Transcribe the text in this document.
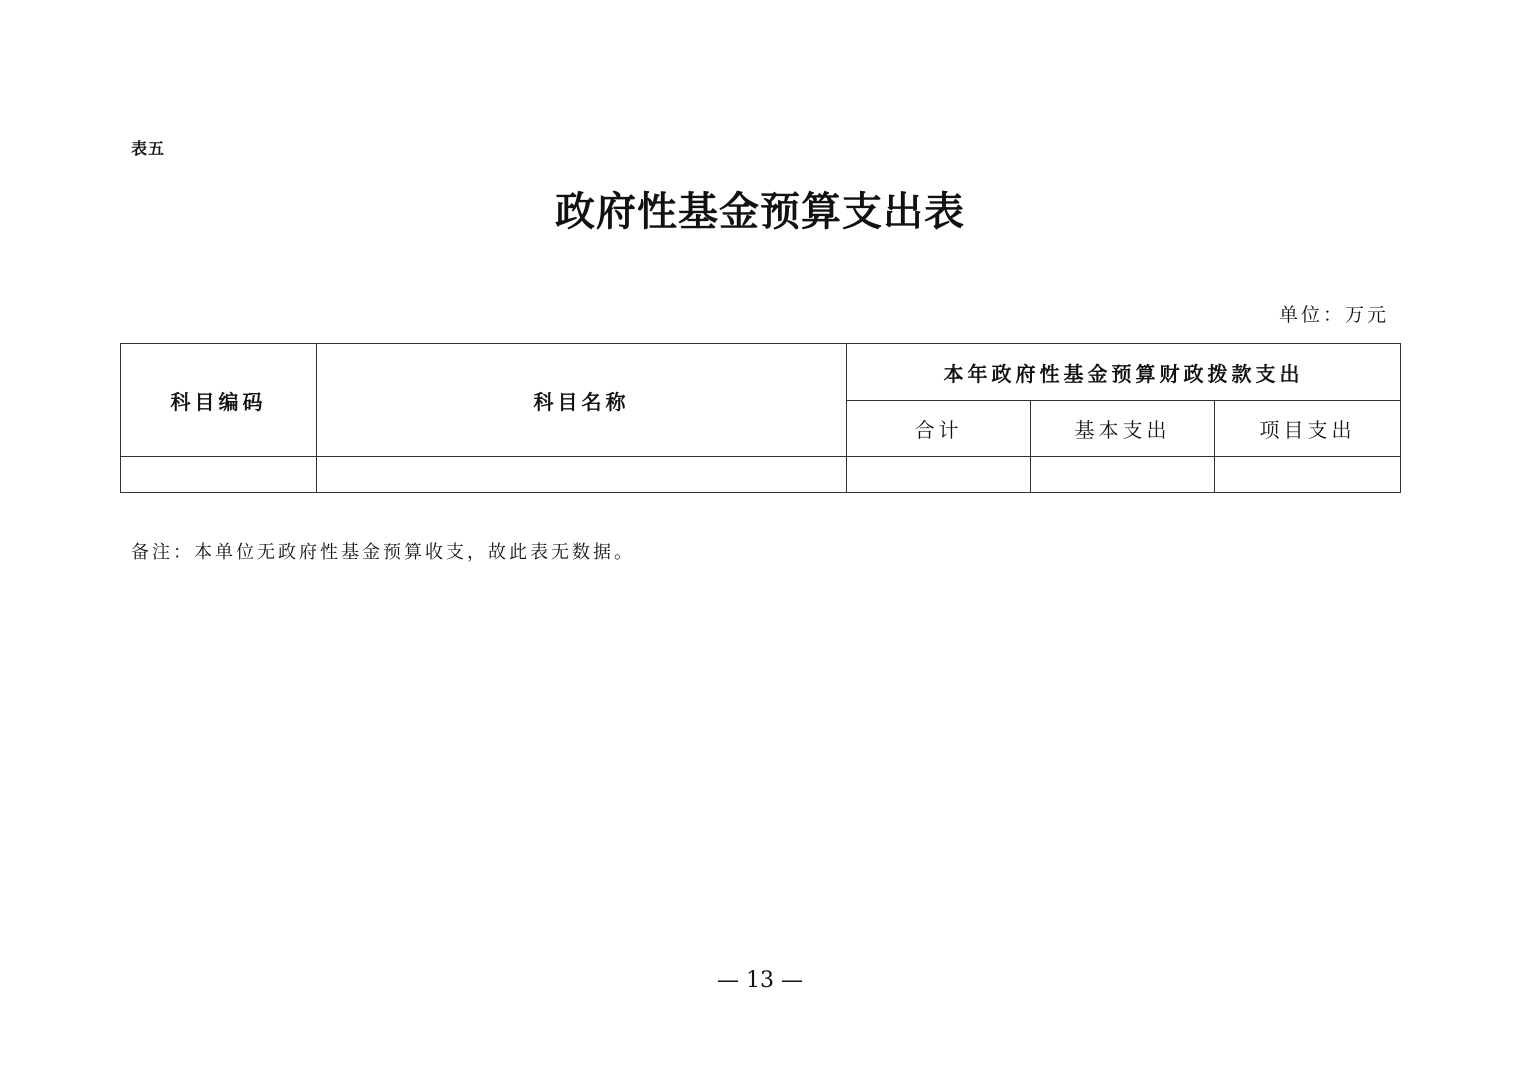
表五
政府性基金预算支出表
单位：万元
科目编码	科目名称	本年政府性基金预算财政拨款支出		
		合计	基本支出	项目支出

备注：本单位无政府性基金预算收支，故此表无数据。
— 13 —
